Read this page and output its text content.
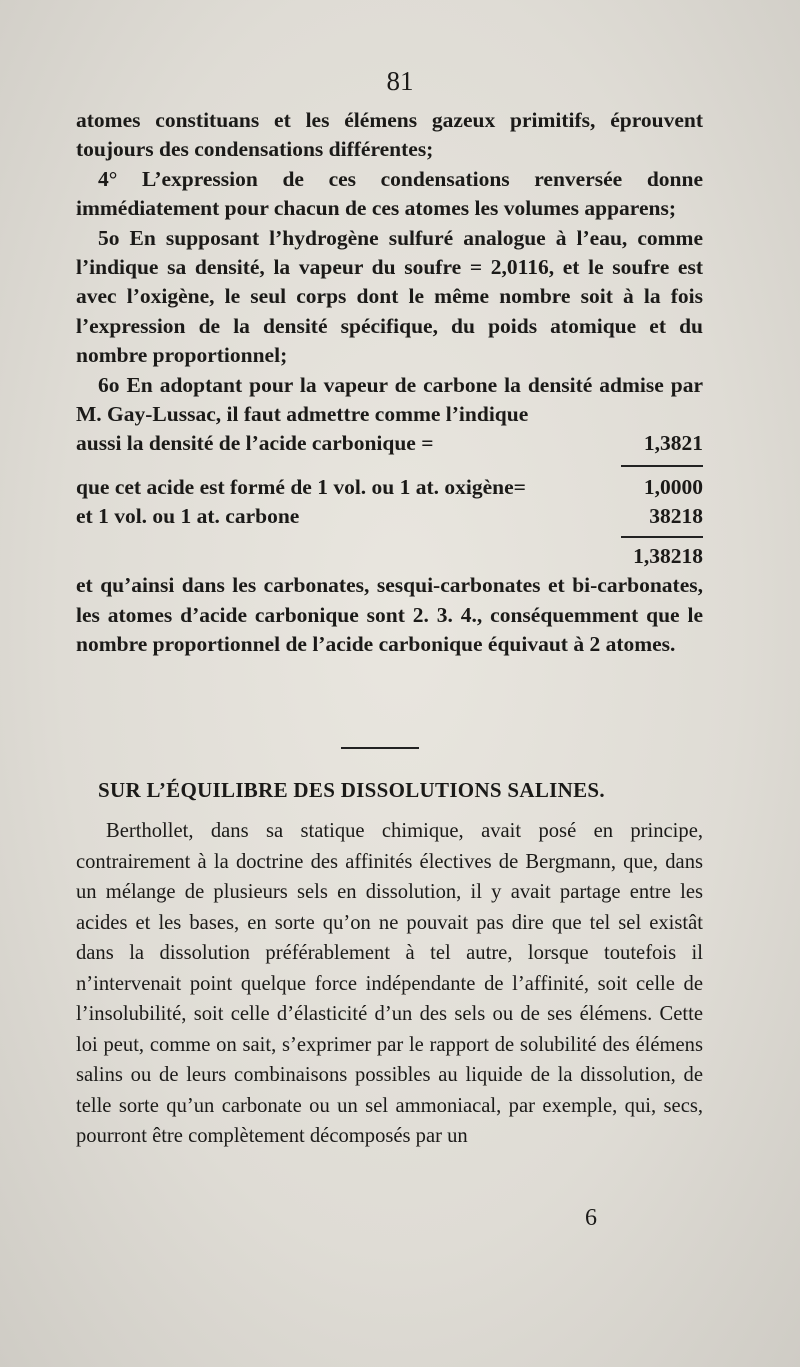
81

atomes constituans et les élémens gazeux primitifs, éprouvent toujours des condensations différentes;

4° L’expression de ces condensations renversée donne immédiatement pour chacun de ces atomes les volumes apparens;

5o En supposant l’hydrogène sulfuré analogue à l’eau, comme l’indique sa densité, la vapeur du soufre = 2,0116, et le soufre est avec l’oxigène, le seul corps dont le même nombre soit à la fois l’expression de la densité spécifique, du poids atomique et du nombre proportionnel;

6o En adoptant pour la vapeur de carbone la densité admise par M. Gay-Lussac, il faut admettre comme l’indique

aussi la densité de l’acide carbonique =	1,3821
que cet acide est formé de 1 vol. ou 1 at. oxigène=	1,0000
et 1 vol. ou 1 at. carbone	38218
1,38218

et qu’ainsi dans les carbonates, sesqui-carbonates et bi-carbonates, les atomes d’acide carbonique sont 2. 3. 4., conséquemment que le nombre proportionnel de l’acide carbonique équivaut à 2 atomes.

SUR L’ÉQUILIBRE DES DISSOLUTIONS SALINES.

Berthollet, dans sa statique chimique, avait posé en principe, contrairement à la doctrine des affinités électives de Bergmann, que, dans un mélange de plusieurs sels en dissolution, il y avait partage entre les acides et les bases, en sorte qu’on ne pouvait pas dire que tel sel existât dans la dissolution préférablement à tel autre, lorsque toutefois il n’intervenait point quelque force indépendante de l’affinité, soit celle de l’insolubilité, soit celle d’élasticité d’un des sels ou de ses élémens. Cette loi peut, comme on sait, s’exprimer par le rapport de solubilité des élémens salins ou de leurs combinaisons possibles au liquide de la dissolution, de telle sorte qu’un carbonate ou un sel ammoniacal, par exemple, qui, secs, pourront être complètement décomposés par un

6
